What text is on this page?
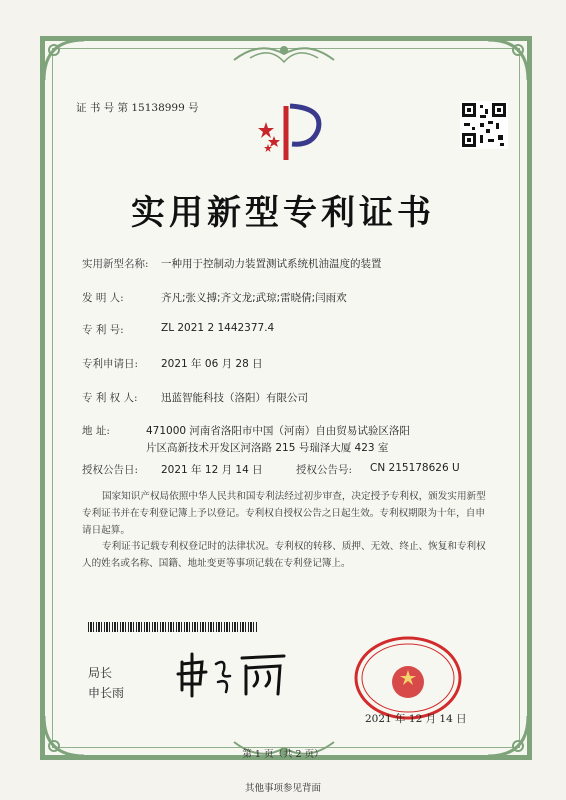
证 书 号 第 15138999 号
实用新型专利证书
实用新型名称: 一种用于控制动力装置测试系统机油温度的装置
发 明 人:	齐凡;张义搏;齐文龙;武琼;雷晓倩;闫雨欢
专 利 号:	ZL 2021 2 1442377.4
专利申请日: 2021 年 06 月 28 日
专 利 权 人: 迅蓝智能科技（洛阳）有限公司
地 址:	471000 河南省洛阳市中国（河南）自由贸易试验区洛阳
片区高新技术开发区河洛路 215 号瑞泽大厦 423 室
授权公告日: 2021 年 12 月 14 日	授权公告号: CN 215178626 U
国家知识产权局依照中华人民共和国专利法经过初步审查，决定授予专利权，颁发实用新型专利证书并在专利登记簿上予以登记。专利权自授权公告之日起生效。专利权期限为十年，自申请日起算。
专利证书记载专利权登记时的法律状况。专利权的转移、质押、无效、终止、恢复和专利权人的姓名或名称、国籍、地址变更等事项记载在专利登记簿上。
局长
申长雨
2021 年 12 月 14 日
第 1 页（共 2 页）
其他事项参见背面
